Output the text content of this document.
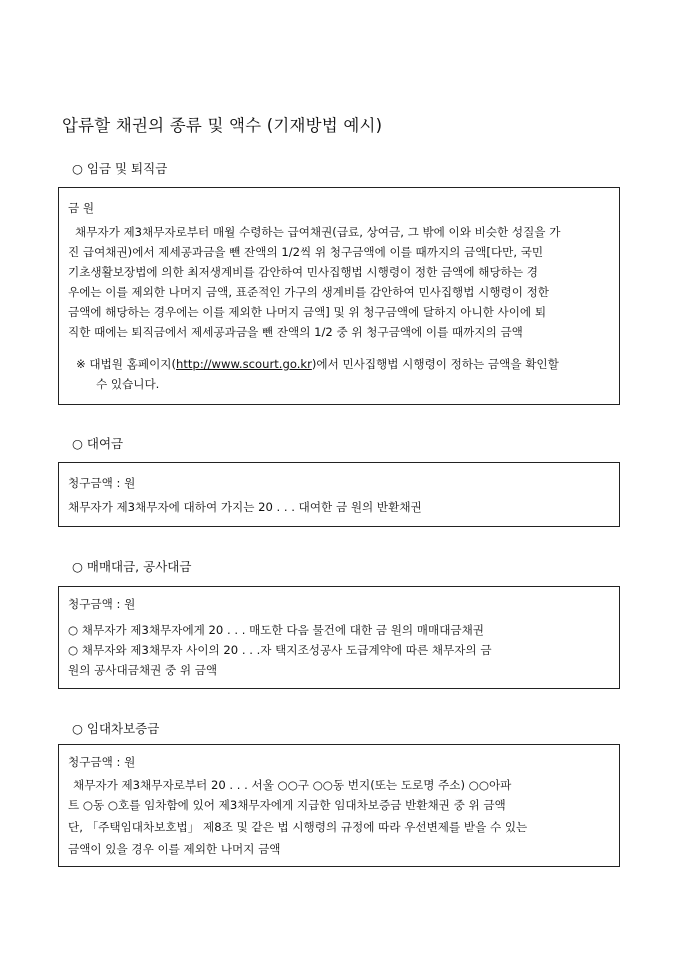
압류할 채권의 종류 및 액수 (기재방법 예시)
○ 임금 및 퇴직금
금 원
채무자가 제3채무자로부터 매월 수령하는 급여채권(급료, 상여금, 그 밖에 이와 비슷한 성질을 가
진 급여채권)에서 제세공과금을 뺀 잔액의 1/2씩 위 청구금액에 이를 때까지의 금액[다만, 국민
기초생활보장법에 의한 최저생계비를 감안하여 민사집행법 시행령이 정한 금액에 해당하는 경
우에는 이를 제외한 나머지 금액, 표준적인 가구의 생계비를 감안하여 민사집행법 시행령이 정한
금액에 해당하는 경우에는 이를 제외한 나머지 금액] 및 위 청구금액에 달하지 아니한 사이에 퇴
직한 때에는 퇴직금에서 제세공과금을 뺀 잔액의 1/2 중 위 청구금액에 이를 때까지의 금액
※ 대법원 홈페이지(http://www.scourt.go.kr)에서 민사집행법 시행령이 정하는 금액을 확인할
수 있습니다.
○ 대여금
청구금액 : 원
채무자가 제3채무자에 대하여 가지는 20 . . . 대여한 금 원의 반환채권
○ 매매대금, 공사대금
청구금액 : 원
○ 채무자가 제3채무자에게 20 . . . 매도한 다음 물건에 대한 금 원의 매매대금채권
○ 채무자와 제3채무자 사이의 20 . . .자 택지조성공사 도급계약에 따른 채무자의 금
원의 공사대금채권 중 위 금액
○ 임대차보증금
청구금액 : 원
채무자가 제3채무자로부터 20 . . . 서울 ○○구 ○○동 번지(또는 도로명 주소) ○○아파
트 ○동 ○호를 임차함에 있어 제3채무자에게 지급한 임대차보증금 반환채권 중 위 금액
단, 「주택임대차보호법」 제8조 및 같은 법 시행령의 규정에 따라 우선변제를 받을 수 있는
금액이 있을 경우 이를 제외한 나머지 금액
